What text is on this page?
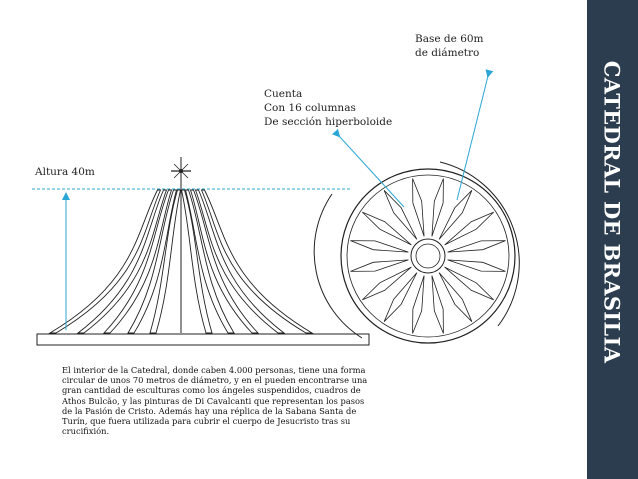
Base de 60m
de diámetro
Cuenta
Con 16 columnas
De sección hiperboloide
Altura 40m
El interior de la Catedral, donde caben 4.000 personas, tiene una forma circular de unos 70 metros de diámetro, y en el pueden encontrarse una gran cantidad de esculturas como los ángeles suspendidos, cuadros de Athos Bulcão, y las pinturas de Di Cavalcanti que representan los pasos de la Pasión de Cristo. Además hay una réplica de la Sabana Santa de Turín, que fuera utilizada para cubrir el cuerpo de Jesucristo tras su crucifixión.
CATEDRAL DE BRASILIA
